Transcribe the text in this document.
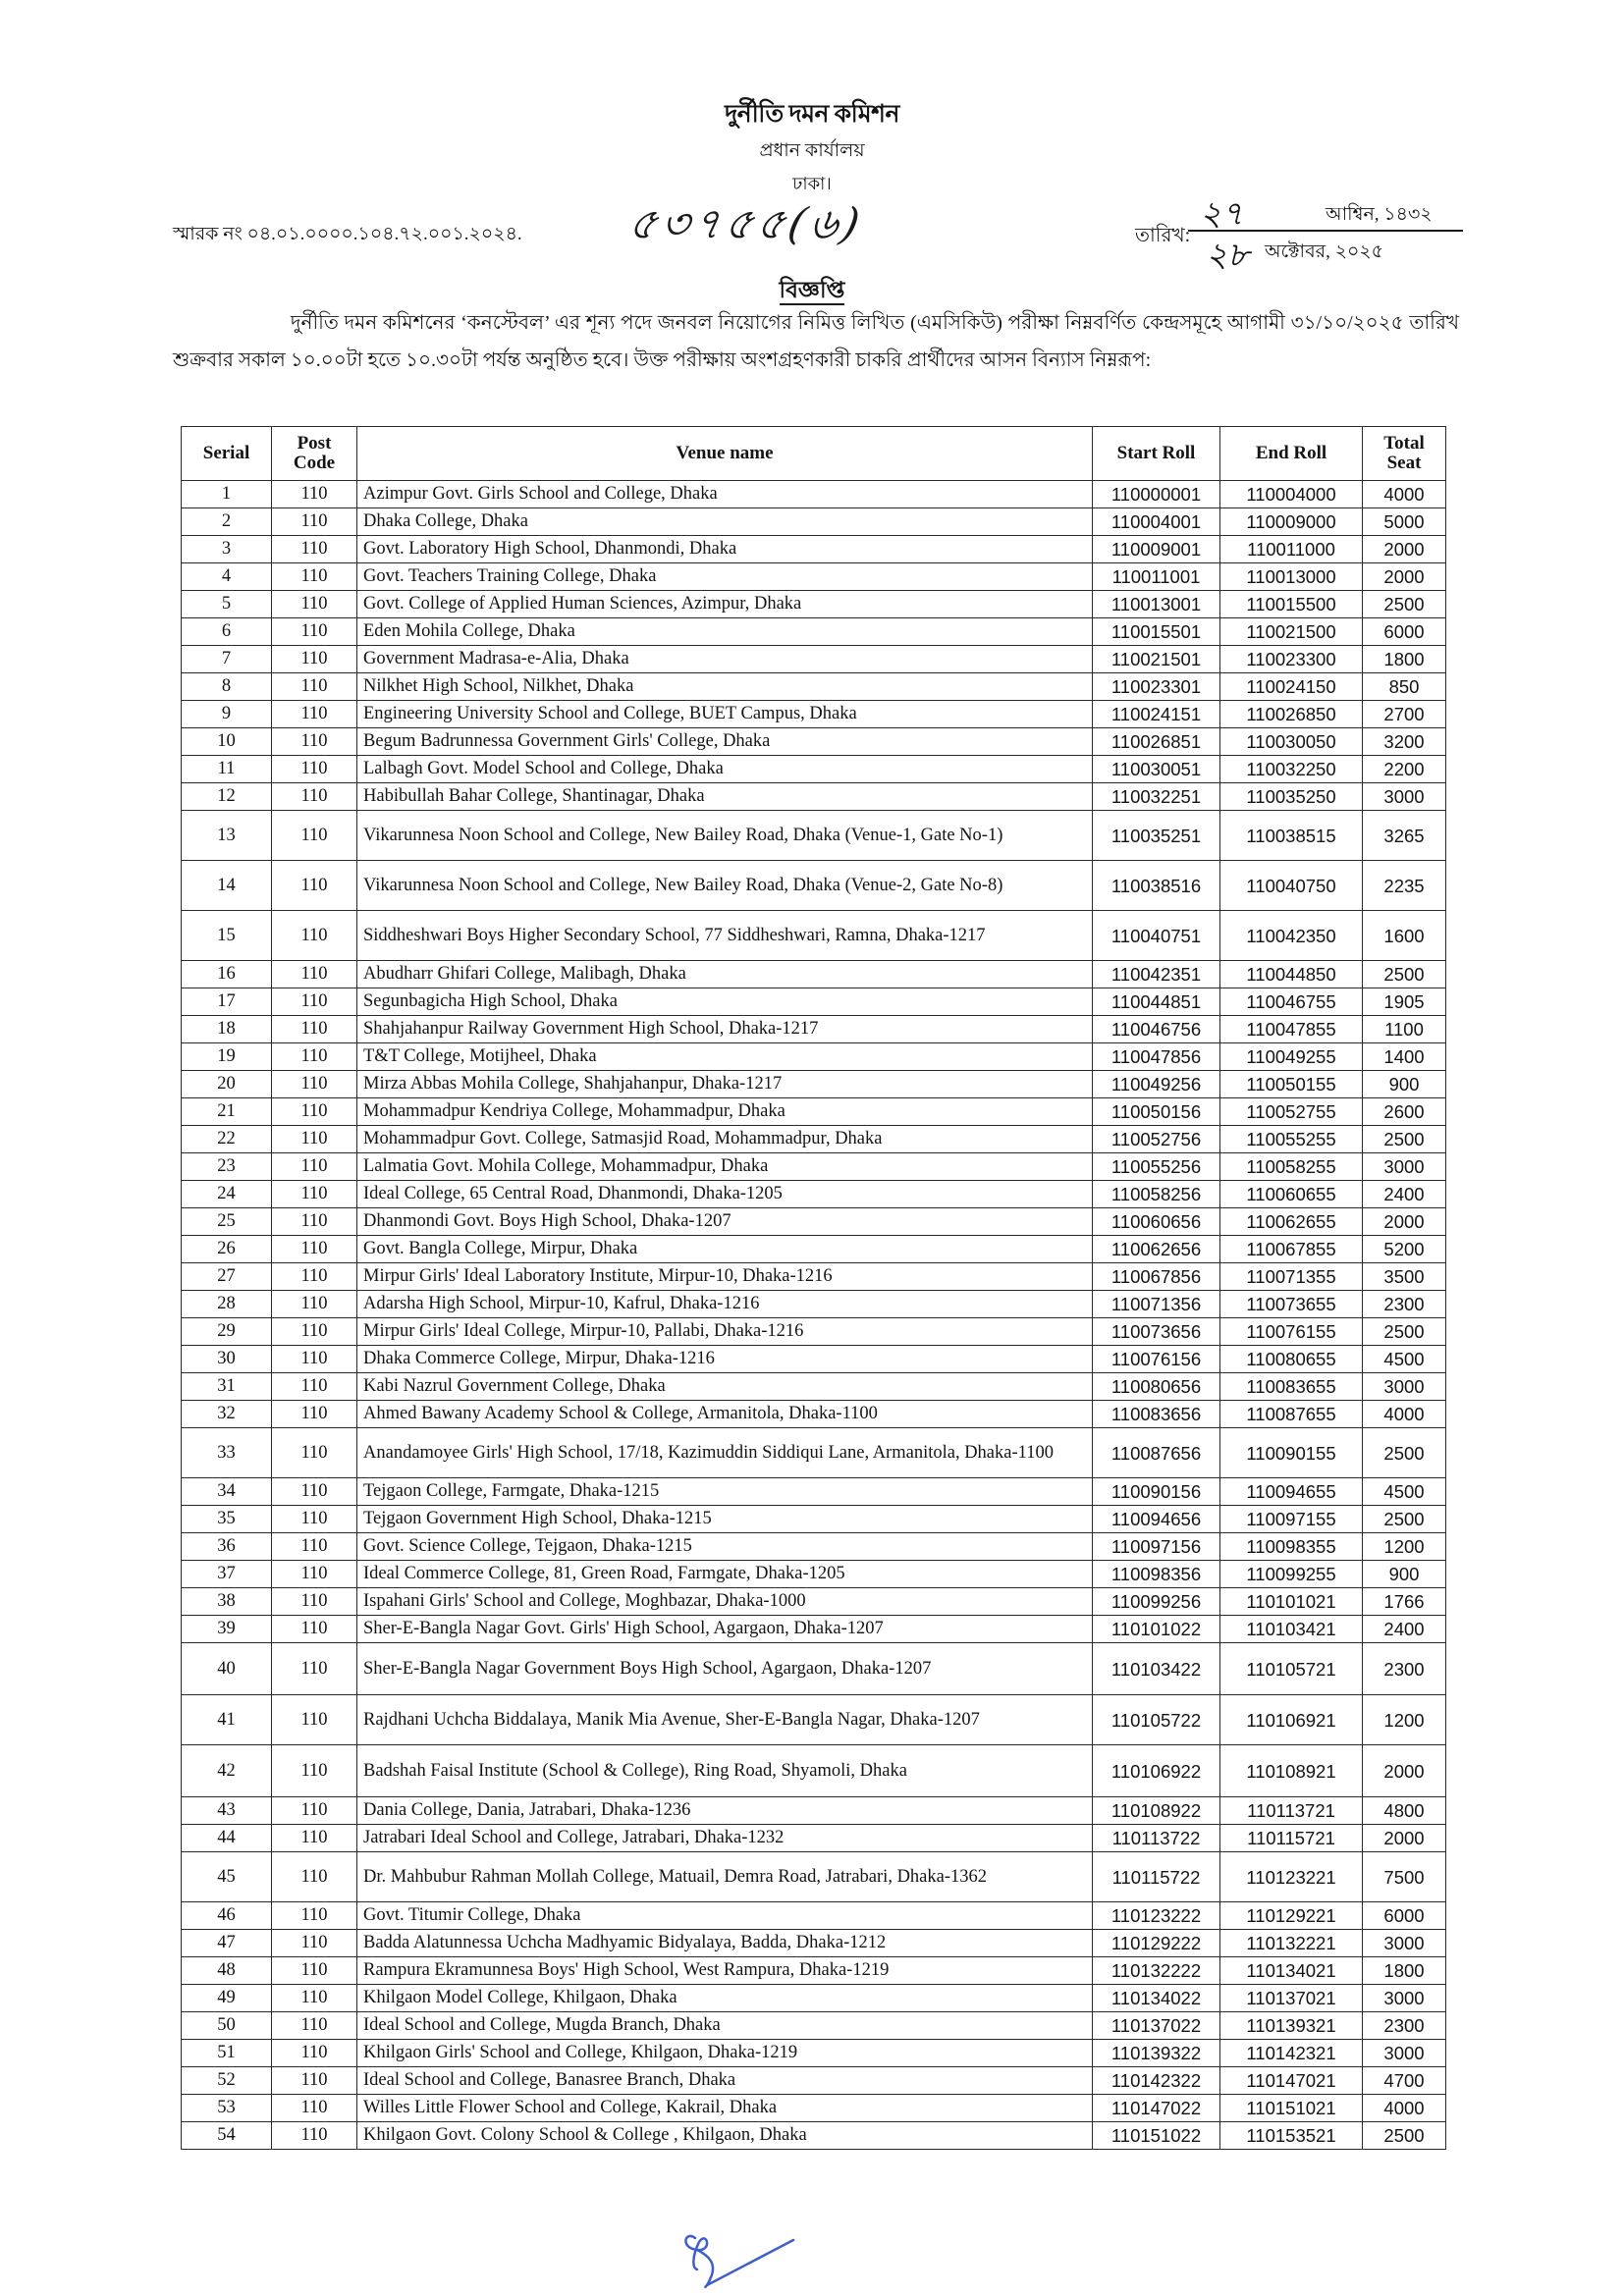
দুর্নীতি দমন কমিশন
প্রধান কার্যালয়
ঢাকা।
স্মারক নং ০৪.০১.০০০০.১০৪.৭২.০০১.২০২৪. ৫৩৭৫৫(৬)	তারিখ:
২৭	আশ্বিন, ১৪৩২
২৮ অক্টোবর, ২০২৫
বিজ্ঞপ্তি
দুর্নীতি দমন কমিশনের ‘কনস্টেবল’ এর শূন্য পদে জনবল নিয়োগের নিমিত্ত লিখিত (এমসিকিউ) পরীক্ষা নিম্নবর্ণিত কেন্দ্রসমূহে আগামী ৩১/১০/২০২৫ তারিখ শুক্রবার সকাল ১০.০০টা হতে ১০.৩০টা পর্যন্ত অনুষ্ঠিত হবে। উক্ত পরীক্ষায় অংশগ্রহণকারী চাকরি প্রার্থীদের আসন বিন্যাস নিম্নরূপ:
Serial	Post Code	Venue name	Start Roll	End Roll	Total Seat
1	110	Azimpur Govt. Girls School and College, Dhaka	110000001	110004000	4000
2	110	Dhaka College, Dhaka	110004001	110009000	5000
3	110	Govt. Laboratory High School, Dhanmondi, Dhaka	110009001	110011000	2000
4	110	Govt. Teachers Training College, Dhaka	110011001	110013000	2000
5	110	Govt. College of Applied Human Sciences, Azimpur, Dhaka	110013001	110015500	2500
6	110	Eden Mohila College, Dhaka	110015501	110021500	6000
7	110	Government Madrasa-e-Alia, Dhaka	110021501	110023300	1800
8	110	Nilkhet High School, Nilkhet, Dhaka	110023301	110024150	850
9	110	Engineering University School and College, BUET Campus, Dhaka	110024151	110026850	2700
10	110	Begum Badrunnessa Government Girls' College, Dhaka	110026851	110030050	3200
11	110	Lalbagh Govt. Model School and College, Dhaka	110030051	110032250	2200
12	110	Habibullah Bahar College, Shantinagar, Dhaka	110032251	110035250	3000
13	110	Vikarunnesa Noon School and College, New Bailey Road, Dhaka (Venue-1, Gate No-1)	110035251	110038515	3265
14	110	Vikarunnesa Noon School and College, New Bailey Road, Dhaka (Venue-2, Gate No-8)	110038516	110040750	2235
15	110	Siddheshwari Boys Higher Secondary School, 77 Siddheshwari, Ramna, Dhaka-1217	110040751	110042350	1600
16	110	Abudharr Ghifari College, Malibagh, Dhaka	110042351	110044850	2500
17	110	Segunbagicha High School, Dhaka	110044851	110046755	1905
18	110	Shahjahanpur Railway Government High School, Dhaka-1217	110046756	110047855	1100
19	110	T&T College, Motijheel, Dhaka	110047856	110049255	1400
20	110	Mirza Abbas Mohila College, Shahjahanpur, Dhaka-1217	110049256	110050155	900
21	110	Mohammadpur Kendriya College, Mohammadpur, Dhaka	110050156	110052755	2600
22	110	Mohammadpur Govt. College, Satmasjid Road, Mohammadpur, Dhaka	110052756	110055255	2500
23	110	Lalmatia Govt. Mohila College, Mohammadpur, Dhaka	110055256	110058255	3000
24	110	Ideal College, 65 Central Road, Dhanmondi, Dhaka-1205	110058256	110060655	2400
25	110	Dhanmondi Govt. Boys High School, Dhaka-1207	110060656	110062655	2000
26	110	Govt. Bangla College, Mirpur, Dhaka	110062656	110067855	5200
27	110	Mirpur Girls' Ideal Laboratory Institute, Mirpur-10, Dhaka-1216	110067856	110071355	3500
28	110	Adarsha High School, Mirpur-10, Kafrul, Dhaka-1216	110071356	110073655	2300
29	110	Mirpur Girls' Ideal College, Mirpur-10, Pallabi, Dhaka-1216	110073656	110076155	2500
30	110	Dhaka Commerce College, Mirpur, Dhaka-1216	110076156	110080655	4500
31	110	Kabi Nazrul Government College, Dhaka	110080656	110083655	3000
32	110	Ahmed Bawany Academy School & College, Armanitola, Dhaka-1100	110083656	110087655	4000
33	110	Anandamoyee Girls' High School, 17/18, Kazimuddin Siddiqui Lane, Armanitola, Dhaka-1100	110087656	110090155	2500
34	110	Tejgaon College, Farmgate, Dhaka-1215	110090156	110094655	4500
35	110	Tejgaon Government High School, Dhaka-1215	110094656	110097155	2500
36	110	Govt. Science College, Tejgaon, Dhaka-1215	110097156	110098355	1200
37	110	Ideal Commerce College, 81, Green Road, Farmgate, Dhaka-1205	110098356	110099255	900
38	110	Ispahani Girls' School and College, Moghbazar, Dhaka-1000	110099256	110101021	1766
39	110	Sher-E-Bangla Nagar Govt. Girls' High School, Agargaon, Dhaka-1207	110101022	110103421	2400
40	110	Sher-E-Bangla Nagar Government Boys High School, Agargaon, Dhaka-1207	110103422	110105721	2300
41	110	Rajdhani Uchcha Biddalaya, Manik Mia Avenue, Sher-E-Bangla Nagar, Dhaka-1207	110105722	110106921	1200
42	110	Badshah Faisal Institute (School & College), Ring Road, Shyamoli, Dhaka	110106922	110108921	2000
43	110	Dania College, Dania, Jatrabari, Dhaka-1236	110108922	110113721	4800
44	110	Jatrabari Ideal School and College, Jatrabari, Dhaka-1232	110113722	110115721	2000
45	110	Dr. Mahbubur Rahman Mollah College, Matuail, Demra Road, Jatrabari, Dhaka-1362	110115722	110123221	7500
46	110	Govt. Titumir College, Dhaka	110123222	110129221	6000
47	110	Badda Alatunnessa Uchcha Madhyamic Bidyalaya, Badda, Dhaka-1212	110129222	110132221	3000
48	110	Rampura Ekramunnesa Boys' High School, West Rampura, Dhaka-1219	110132222	110134021	1800
49	110	Khilgaon Model College, Khilgaon, Dhaka	110134022	110137021	3000
50	110	Ideal School and College, Mugda Branch, Dhaka	110137022	110139321	2300
51	110	Khilgaon Girls' School and College, Khilgaon, Dhaka-1219	110139322	110142321	3000
52	110	Ideal School and College, Banasree Branch, Dhaka	110142322	110147021	4700
53	110	Willes Little Flower School and College, Kakrail, Dhaka	110147022	110151021	4000
54	110	Khilgaon Govt. Colony School & College , Khilgaon, Dhaka	110151022	110153521	2500
